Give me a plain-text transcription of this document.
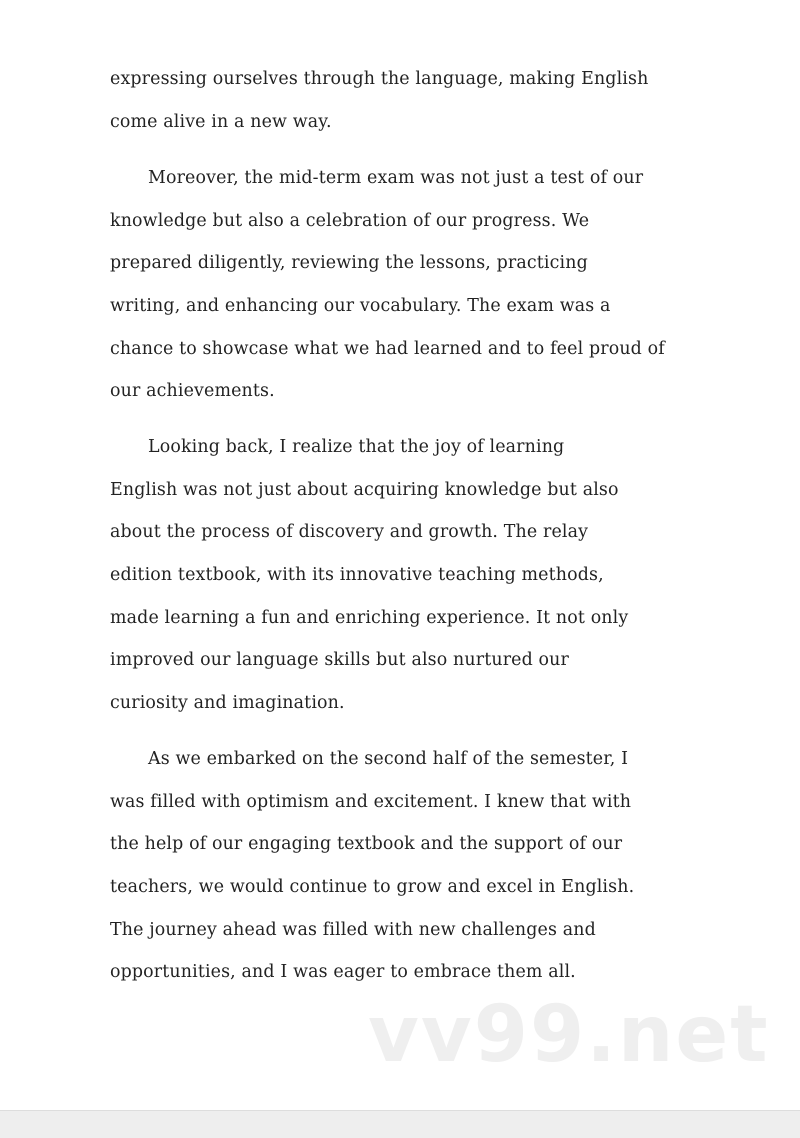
expressing ourselves through the language, making English
come alive in a new way.
Moreover, the mid-term exam was not just a test of our
knowledge but also a celebration of our progress. We
prepared diligently, reviewing the lessons, practicing
writing, and enhancing our vocabulary. The exam was a
chance to showcase what we had learned and to feel proud of
our achievements.
Looking back, I realize that the joy of learning
English was not just about acquiring knowledge but also
about the process of discovery and growth. The relay
edition textbook, with its innovative teaching methods,
made learning a fun and enriching experience. It not only
improved our language skills but also nurtured our
curiosity and imagination.
As we embarked on the second half of the semester, I
was filled with optimism and excitement. I knew that with
the help of our engaging textbook and the support of our
teachers, we would continue to grow and excel in English.
The journey ahead was filled with new challenges and
opportunities, and I was eager to embrace them all.
vv99.net
